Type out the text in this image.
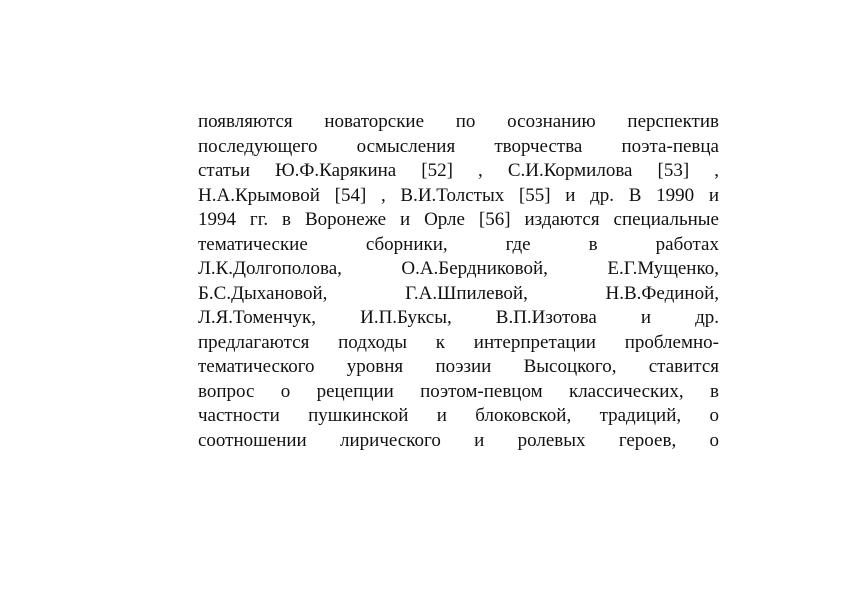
появляются новаторские по осознанию перспектив
последующего осмысления творчества поэта-певца
статьи Ю.Ф.Карякина [52] , С.И.Кормилова [53] ,
Н.А.Крымовой [54] , В.И.Толстых [55] и др. В 1990 и
1994 гг. в Воронеже и Орле [56] издаются специальные
тематические сборники, где в работах
Л.К.Долгополова, О.А.Бердниковой, Е.Г.Мущенко,
Б.С.Дыхановой, Г.А.Шпилевой, Н.В.Фединой,
Л.Я.Томенчук, И.П.Буксы, В.П.Изотова и др.
предлагаются подходы к интерпретации проблемно-
тематического уровня поэзии Высоцкого, ставится
вопрос о рецепции поэтом-певцом классических, в
частности пушкинской и блоковской, традиций, о
соотношении лирического и ролевых героев, о
